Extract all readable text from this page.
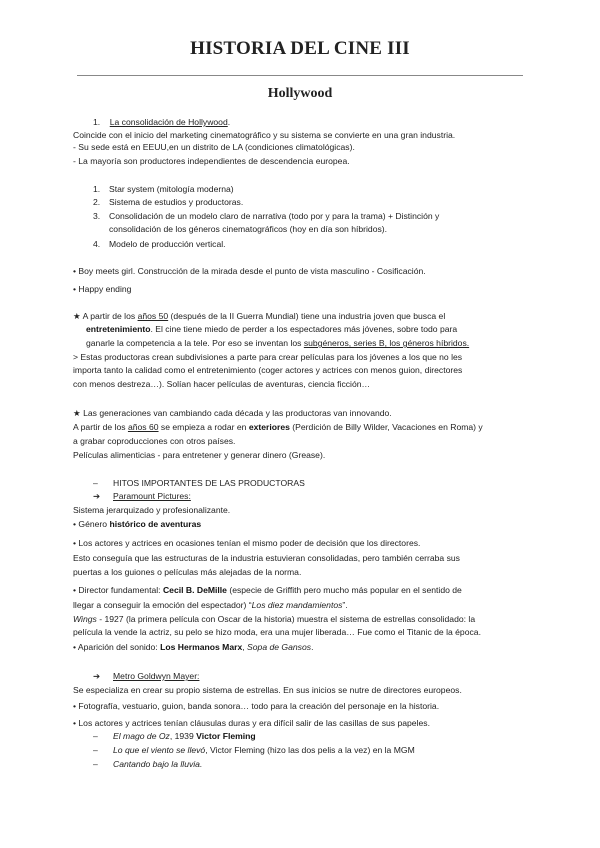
HISTORIA DEL CINE III
Hollywood
1. La consolidación de Hollywood.
Coincide con el inicio del marketing cinematográfico y su sistema se convierte en una gran industria.
- Su sede está en EEUU,en un distrito de LA (condiciones climatológicas).
- La mayoría son productores independientes de descendencia europea.
1. Star system (mitología moderna)
2. Sistema de estudios y productoras.
3. Consolidación de un modelo claro de narrativa (todo por y para la trama) + Distinción y
consolidación de los géneros cinematográficos (hoy en día son híbridos).
4. Modelo de producción vertical.
• Boy meets girl. Construcción de la mirada desde el punto de vista masculino - Cosificación.
• Happy ending
★ A partir de los años 50 (después de la II Guerra Mundial) tiene una industria joven que busca el
entretenimiento. El cine tiene miedo de perder a los espectadores más jóvenes, sobre todo para
ganarle la competencia a la tele. Por eso se inventan los subgéneros, series B, los géneros híbridos.
> Estas productoras crean subdivisiones a parte para crear películas para los jóvenes a los que no les
importa tanto la calidad como el entretenimiento (coger actores y actrices con menos guion, directores
con menos destreza…). Solían hacer películas de aventuras, ciencia ficción…
★ Las generaciones van cambiando cada década y las productoras van innovando.
A partir de los años 60 se empieza a rodar en exteriores (Perdición de Billy Wilder, Vacaciones en Roma) y
a grabar coproducciones con otros países.
Películas alimenticias - para entretener y generar dinero (Grease).
– HITOS IMPORTANTES DE LAS PRODUCTORAS
➔ Paramount Pictures:
Sistema jerarquizado y profesionalizante.
• Género histórico de aventuras
• Los actores y actrices en ocasiones tenían el mismo poder de decisión que los directores.
Esto conseguía que las estructuras de la industria estuvieran consolidadas, pero también cerraba sus
puertas a los guiones o películas más alejadas de la norma.
• Director fundamental: Cecil B. DeMille (especie de Griffith pero mucho más popular en el sentido de
llegar a conseguir la emoción del espectador) “Los diez mandamientos”.
Wings - 1927 (la primera película con Oscar de la historia) muestra el sistema de estrellas consolidado: la
película la vende la actriz, su pelo se hizo moda, era una mujer liberada… Fue como el Titanic de la época.
• Aparición del sonido: Los Hermanos Marx, Sopa de Gansos.
➔ Metro Goldwyn Mayer:
Se especializa en crear su propio sistema de estrellas. En sus inicios se nutre de directores europeos.
• Fotografía, vestuario, guion, banda sonora… todo para la creación del personaje en la historia.
• Los actores y actrices tenían cláusulas duras y era difícil salir de las casillas de sus papeles.
– El mago de Oz, 1939 Victor Fleming
– Lo que el viento se llevó, Victor Fleming (hizo las dos pelis a la vez) en la MGM
– Cantando bajo la lluvia.
